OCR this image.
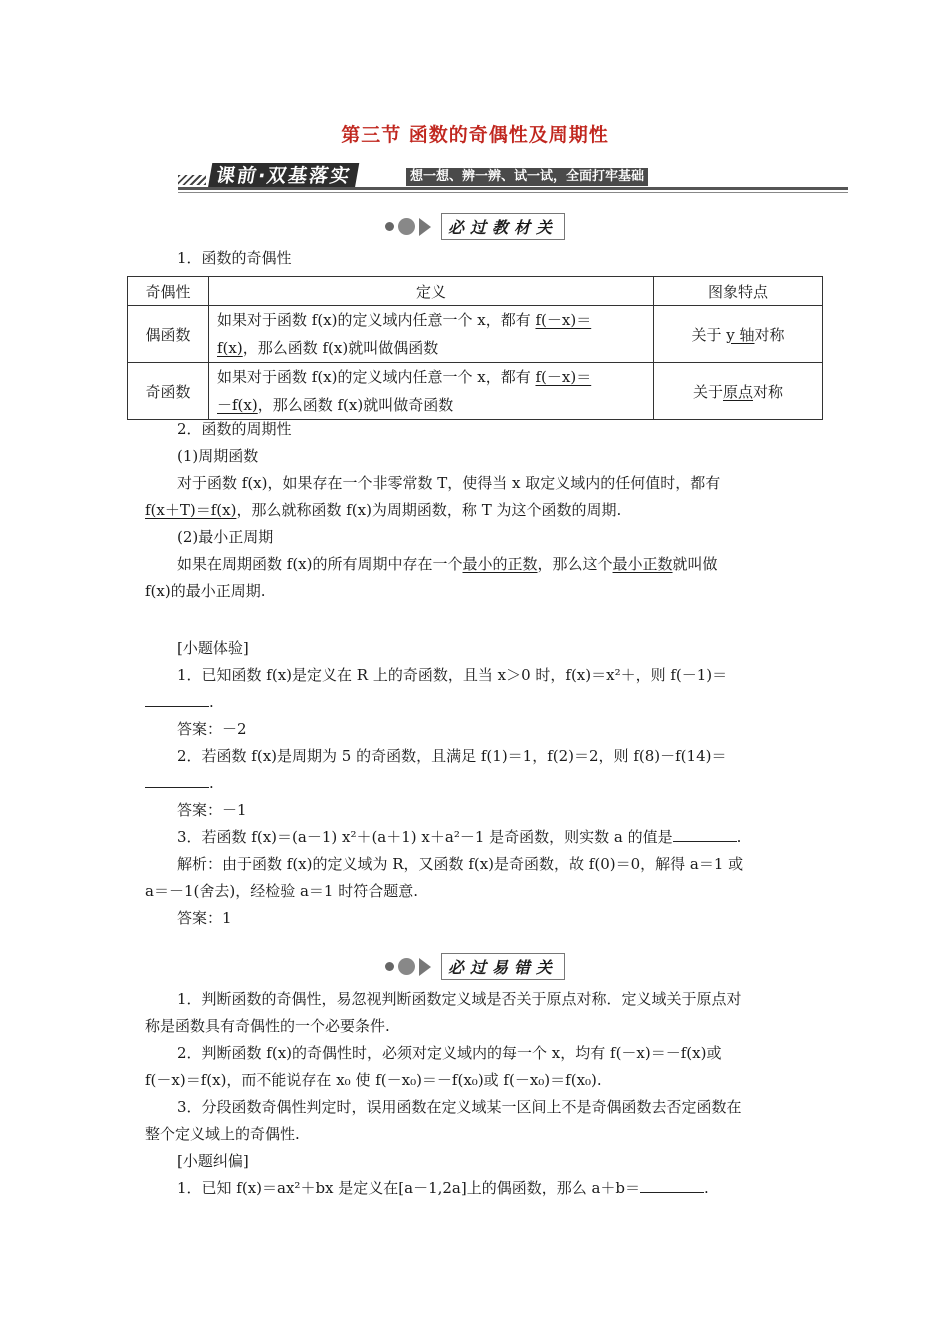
第三节 函数的奇偶性及周期性
课前·双基落实	想一想、辨一辨、试一试，全面打牢基础
必过教材关
1．函数的奇偶性
奇偶性	定义	图象特点
偶函数	如果对于函数 f(x)的定义域内任意一个 x，都有 f(－x)＝
f(x)，那么函数 f(x)就叫做偶函数	关于 y 轴对称
奇函数	如果对于函数 f(x)的定义域内任意一个 x，都有 f(－x)＝
－f(x)，那么函数 f(x)就叫做奇函数	关于原点对称
2．函数的周期性
(1)周期函数
对于函数 f(x)，如果存在一个非零常数 T，使得当 x 取定义域内的任何值时，都有
f(x＋T)＝f(x)，那么就称函数 f(x)为周期函数，称 T 为这个函数的周期.
(2)最小正周期
如果在周期函数 f(x)的所有周期中存在一个最小的正数，那么这个最小正数就叫做
f(x)的最小正周期.
[小题体验]
1．已知函数 f(x)是定义在 R 上的奇函数，且当 x＞0 时，f(x)＝x²＋，则 f(－1)＝
.
答案：－2
2．若函数 f(x)是周期为 5 的奇函数，且满足 f(1)＝1，f(2)＝2，则 f(8)－f(14)＝
.
答案：－1
3．若函数 f(x)＝(a－1) x²＋(a＋1) x＋a²－1 是奇函数，则实数 a 的值是	.
解析：由于函数 f(x)的定义域为 R，又函数 f(x)是奇函数，故 f(0)＝0，解得 a＝1 或
a＝－1(舍去)，经检验 a＝1 时符合题意.
答案：1
必过易错关
1．判断函数的奇偶性，易忽视判断函数定义域是否关于原点对称．定义域关于原点对
称是函数具有奇偶性的一个必要条件.
2．判断函数 f(x)的奇偶性时，必须对定义域内的每一个 x，均有 f(－x)＝－f(x)或
f(－x)＝f(x)，而不能说存在 x₀ 使 f(－x₀)＝－f(x₀)或 f(－x₀)＝f(x₀).
3．分段函数奇偶性判定时，误用函数在定义域某一区间上不是奇偶函数去否定函数在
整个定义域上的奇偶性.
[小题纠偏]
1．已知 f(x)＝ax²＋bx 是定义在[a－1,2a]上的偶函数，那么 a＋b＝	.
